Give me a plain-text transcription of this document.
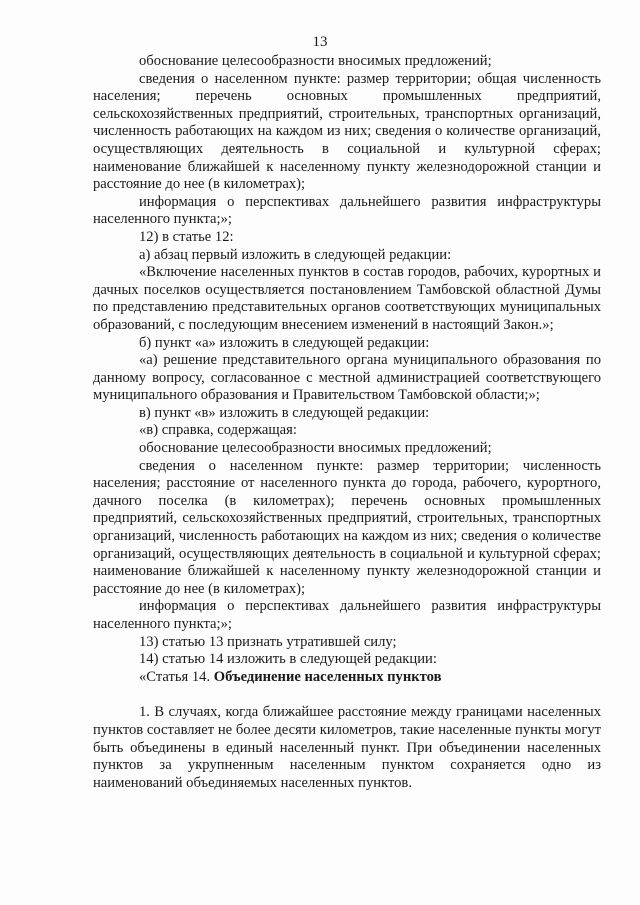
13

обоснование целесообразности вносимых предложений;

сведения о населенном пункте: размер территории; общая численность населения; перечень основных промышленных предприятий, сельскохозяйственных предприятий, строительных, транспортных организаций, численность работающих на каждом из них; сведения о количестве организаций, осуществляющих деятельность в социальной и культурной сферах; наименование ближайшей к населенному пункту железнодорожной станции и расстояние до нее (в километрах);

информация о перспективах дальнейшего развития инфраструктуры населенного пункта;»;

12) в статье 12:

а) абзац первый изложить в следующей редакции:

«Включение населенных пунктов в состав городов, рабочих, курортных и дачных поселков осуществляется постановлением Тамбовской областной Думы по представлению представительных органов соответствующих муниципальных образований, с последующим внесением изменений в настоящий Закон.»;

б) пункт «а» изложить в следующей редакции:

«а) решение представительного органа муниципального образования по данному вопросу, согласованное с местной администрацией соответствующего муниципального образования и Правительством Тамбовской области;»;

в) пункт «в» изложить в следующей редакции:

«в) справка, содержащая:

обоснование целесообразности вносимых предложений;

сведения о населенном пункте: размер территории; численность населения; расстояние от населенного пункта до города, рабочего, курортного, дачного поселка (в километрах); перечень основных промышленных предприятий, сельскохозяйственных предприятий, строительных, транспортных организаций, численность работающих на каждом из них; сведения о количестве организаций, осуществляющих деятельность в социальной и культурной сферах; наименование ближайшей к населенному пункту железнодорожной станции и расстояние до нее (в километрах);

информация о перспективах дальнейшего развития инфраструктуры населенного пункта;»;

13) статью 13 признать утратившей силу;

14) статью 14 изложить в следующей редакции:

«Статья 14. Объединение населенных пунктов

1. В случаях, когда ближайшее расстояние между границами населенных пунктов составляет не более десяти километров, такие населенные пункты могут быть объединены в единый населенный пункт. При объединении населенных пунктов за укрупненным населенным пунктом сохраняется одно из наименований объединяемых населенных пунктов.
